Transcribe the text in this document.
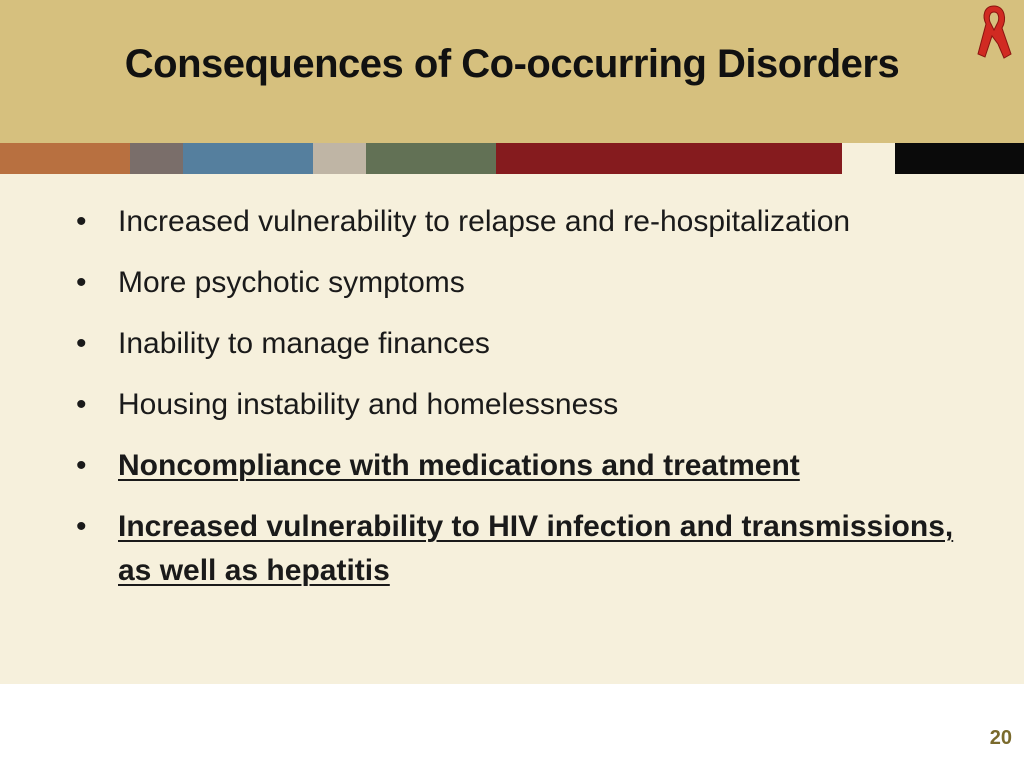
Consequences of Co-occurring Disorders
• Increased vulnerability to relapse and re-hospitalization
• More psychotic symptoms
• Inability to manage finances
• Housing instability and homelessness
• Noncompliance with medications and treatment
• Increased vulnerability to HIV infection and transmissions, as well as hepatitis
20
